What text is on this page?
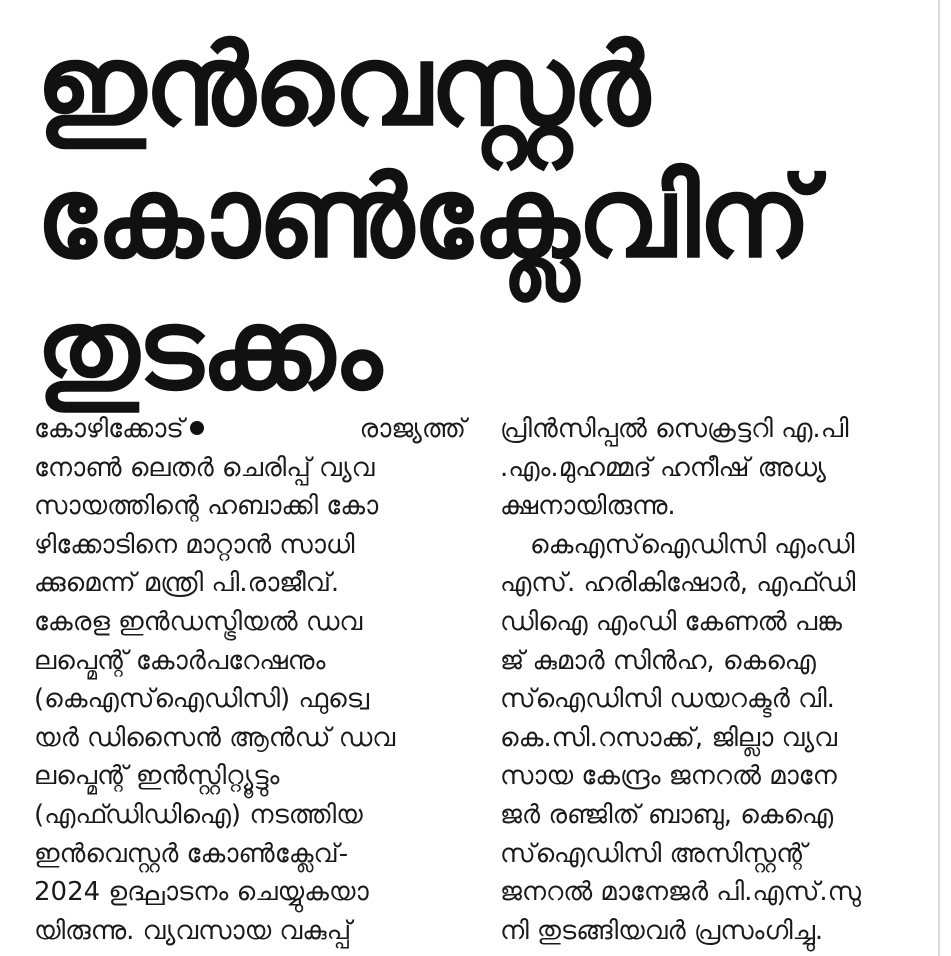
ഇൻവെസ്റ്റർ
കോൺക്ലേവിന്
തുടക്കം
കോഴിക്കോട്	രാജ്യത്ത്
നോൺ ലെതർ ചെരിപ്പ് വ്യവ
സായത്തിന്റെ ഹബാക്കി കോ
ഴിക്കോടിനെ മാറ്റാൻ സാധി
ക്കുമെന്ന് മന്ത്രി പി.രാജീവ്.
കേരള ഇൻഡസ്ട്രിയൽ ഡവ
ലപ്മെന്റ് കോർപറേഷനും
(കെഎസ്ഐഡിസി) ഫുട്വെ
യർ ഡിസൈൻ ആൻഡ് ഡവ
ലപ്മെന്റ് ഇൻസ്റ്റിറ്റ്യൂട്ടും
(എഫ്ഡിഡിഐ) നടത്തിയ
ഇൻവെസ്റ്റർ കോൺക്ലേവ്-
2024 ഉദ്ഘാടനം ചെയ്യുകയാ
യിരുന്നു. വ്യവസായ വകുപ്പ്

പ്രിൻസിപ്പൽ സെക്രട്ടറി എ.പി
.എം.മുഹമ്മദ് ഹനീഷ് അധ്യ
ക്ഷനായിരുന്നു.

കെഎസ്ഐഡിസി എംഡി
എസ്. ഹരികിഷോർ, എഫ്ഡി
ഡിഐ എംഡി കേണൽ പങ്ക
ജ് കുമാർ സിൻഹ, കെഐ
സ്ഐഡിസി ഡയറക്ടർ വി.
കെ.സി.റസാക്ക്, ജില്ലാ വ്യവ
സായ കേന്ദ്രം ജനറൽ മാനേ
ജർ രഞ്ജിത് ബാബു, കെഐ
സ്ഐഡിസി അസിസ്റ്റന്റ്
ജനറൽ മാനേജർ പി.എസ്.സു
നി തുടങ്ങിയവർ പ്രസംഗിച്ചു.
